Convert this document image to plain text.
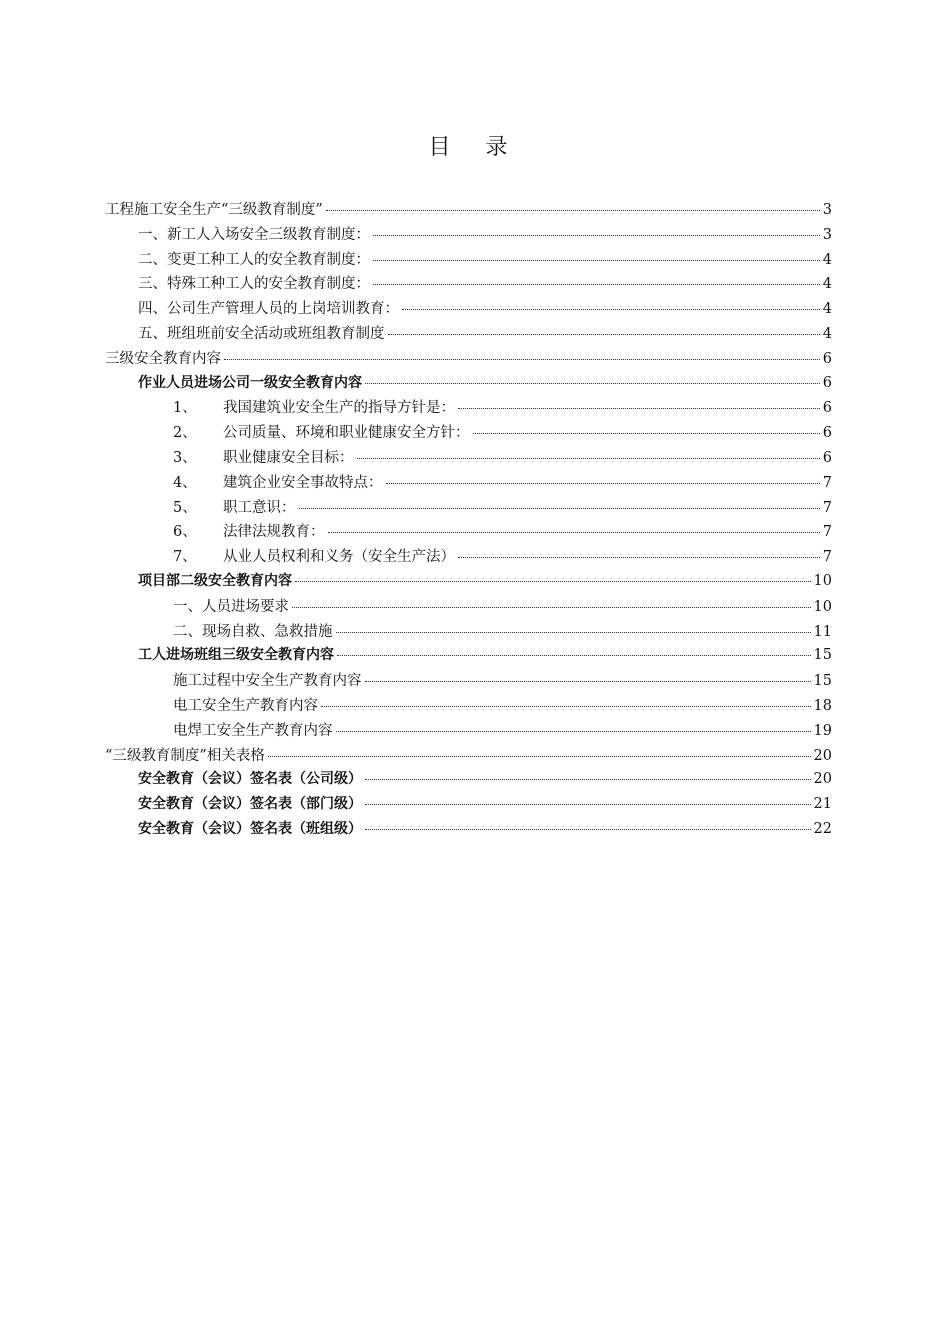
目 录
工程施工安全生产“三级教育制度”	3
一、新工人入场安全三级教育制度：	3
二、变更工种工人的安全教育制度：	4
三、特殊工种工人的安全教育制度：	4
四、公司生产管理人员的上岗培训教育：	4
五、班组班前安全活动或班组教育制度	4
三级安全教育内容	6
作业人员进场公司一级安全教育内容	6
1、	我国建筑业安全生产的指导方针是：	6
2、	公司质量、环境和职业健康安全方针：	6
3、	职业健康安全目标：	6
4、	建筑企业安全事故特点：	7
5、	职工意识：	7
6、	法律法规教育：	7
7、	从业人员权利和义务（安全生产法）	7
项目部二级安全教育内容	10
一、人员进场要求	10
二、现场自救、急救措施	11
工人进场班组三级安全教育内容	15
施工过程中安全生产教育内容	15
电工安全生产教育内容	18
电焊工安全生产教育内容	19
“三级教育制度”相关表格	20
安全教育（会议）签名表（公司级）	20
安全教育（会议）签名表（部门级）	21
安全教育（会议）签名表（班组级）	22
